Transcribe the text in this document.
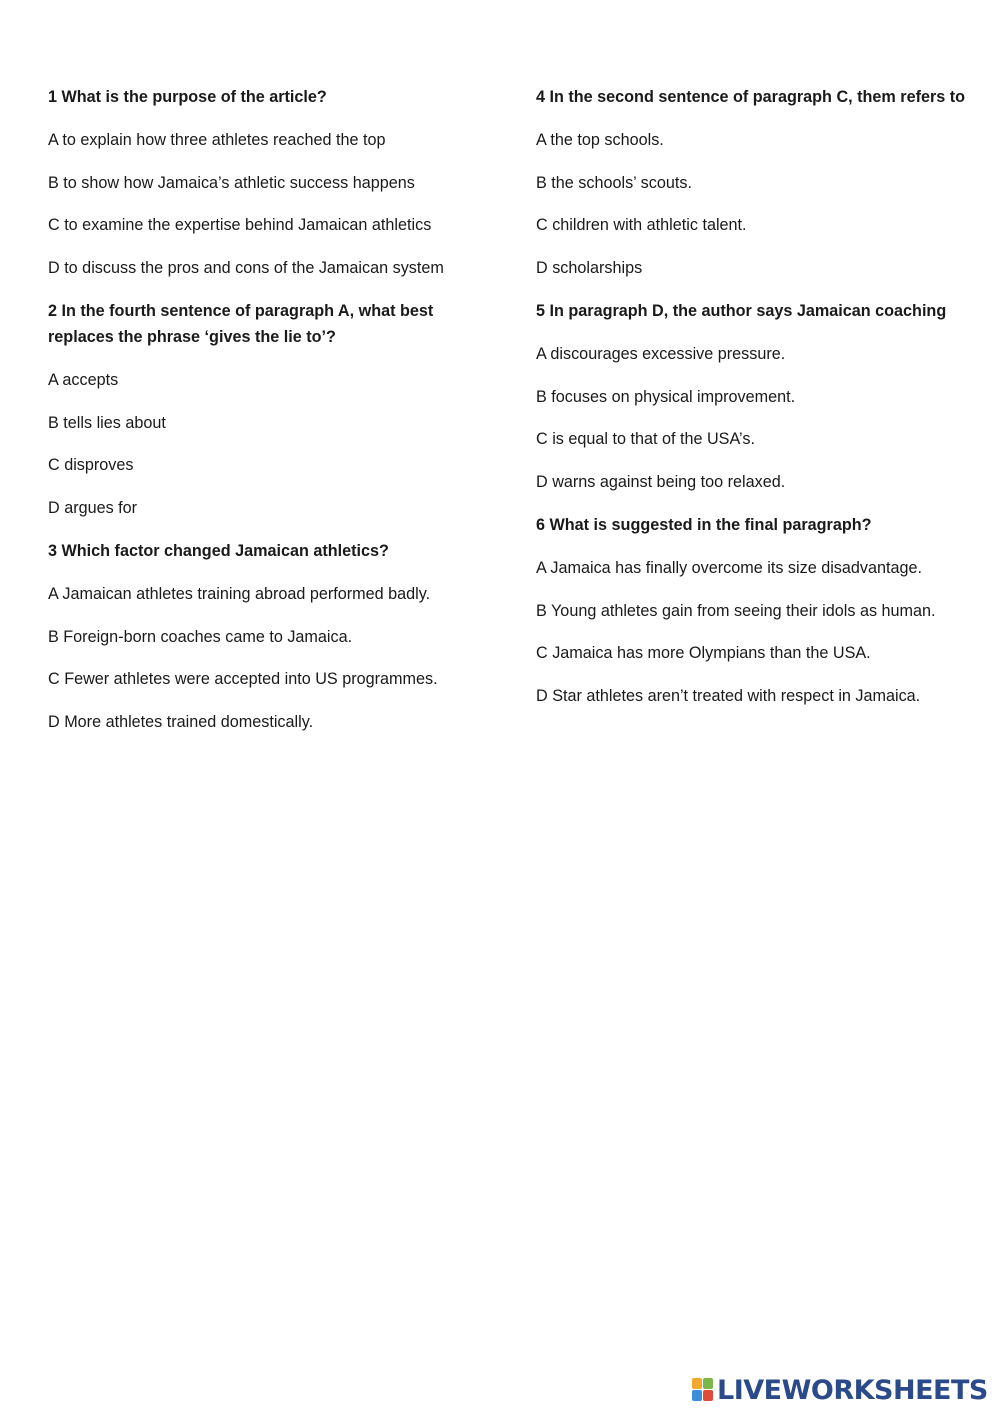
1 What is the purpose of the article?

A to explain how three athletes reached the top

B to show how Jamaica’s athletic success happens

C to examine the expertise behind Jamaican athletics

D to discuss the pros and cons of the Jamaican system

2 In the fourth sentence of paragraph A, what best replaces the phrase ‘gives the lie to’?

A accepts

B tells lies about

C disproves

D argues for

3 Which factor changed Jamaican athletics?

A Jamaican athletes training abroad performed badly.

B Foreign-born coaches came to Jamaica.

C Fewer athletes were accepted into US programmes.

D More athletes trained domestically.

4 In the second sentence of paragraph C, them refers to

A the top schools.

B the schools’ scouts.

C children with athletic talent.

D scholarships

5 In paragraph D, the author says Jamaican coaching

A discourages excessive pressure.

B focuses on physical improvement.

C is equal to that of the USA’s.

D warns against being too relaxed.

6 What is suggested in the final paragraph?

A Jamaica has finally overcome its size disadvantage.

B Young athletes gain from seeing their idols as human.

C Jamaica has more Olympians than the USA.

D Star athletes aren’t treated with respect in Jamaica.

LIVEWORKSHEETS
